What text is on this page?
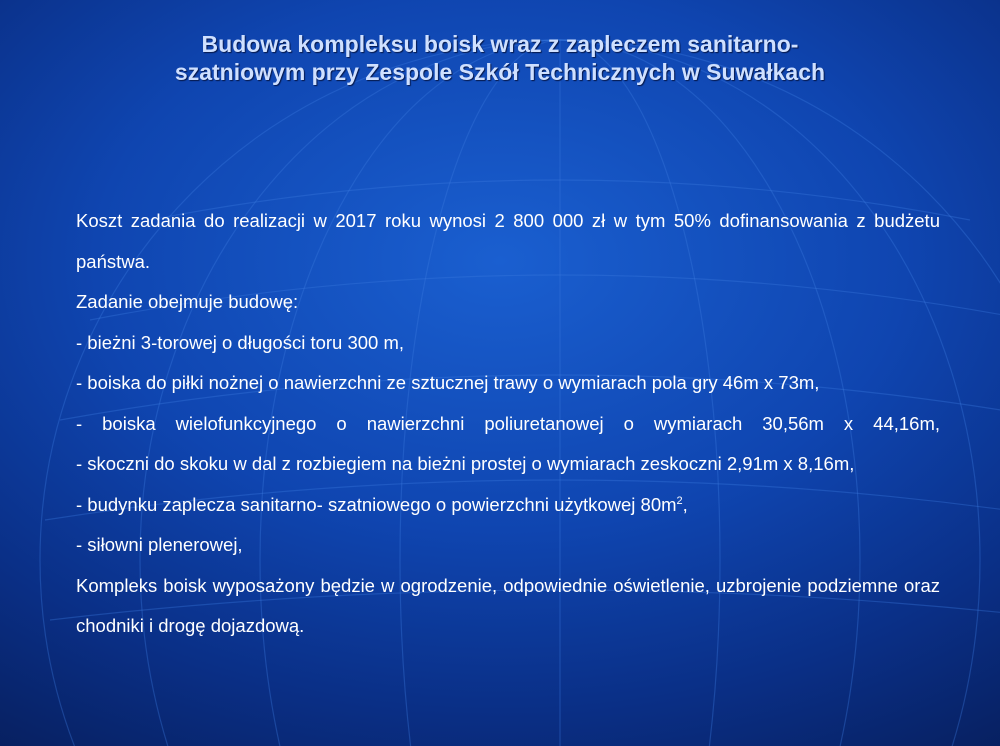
Budowa kompleksu boisk wraz z zapleczem sanitarno-
szatniowym przy Zespole Szkół Technicznych w Suwałkach

Koszt zadania do realizacji w 2017 roku wynosi 2 800 000 zł w tym 50% dofinansowania z budżetu państwa.

Zadanie obejmuje budowę:

- bieżni 3-torowej o długości toru 300 m,

- boiska do piłki nożnej o nawierzchni ze sztucznej trawy o wymiarach pola gry 46m x 73m,

- boiska wielofunkcyjnego o nawierzchni poliuretanowej o wymiarach 30,56m x 44,16m,

- skoczni do skoku w dal z rozbiegiem na bieżni prostej o wymiarach zeskoczni 2,91m x 8,16m,

- budynku zaplecza sanitarno- szatniowego o powierzchni użytkowej $80m^2$,

- siłowni plenerowej,

Kompleks boisk wyposażony będzie w ogrodzenie, odpowiednie oświetlenie, uzbrojenie podziemne oraz chodniki i drogę dojazdową.
